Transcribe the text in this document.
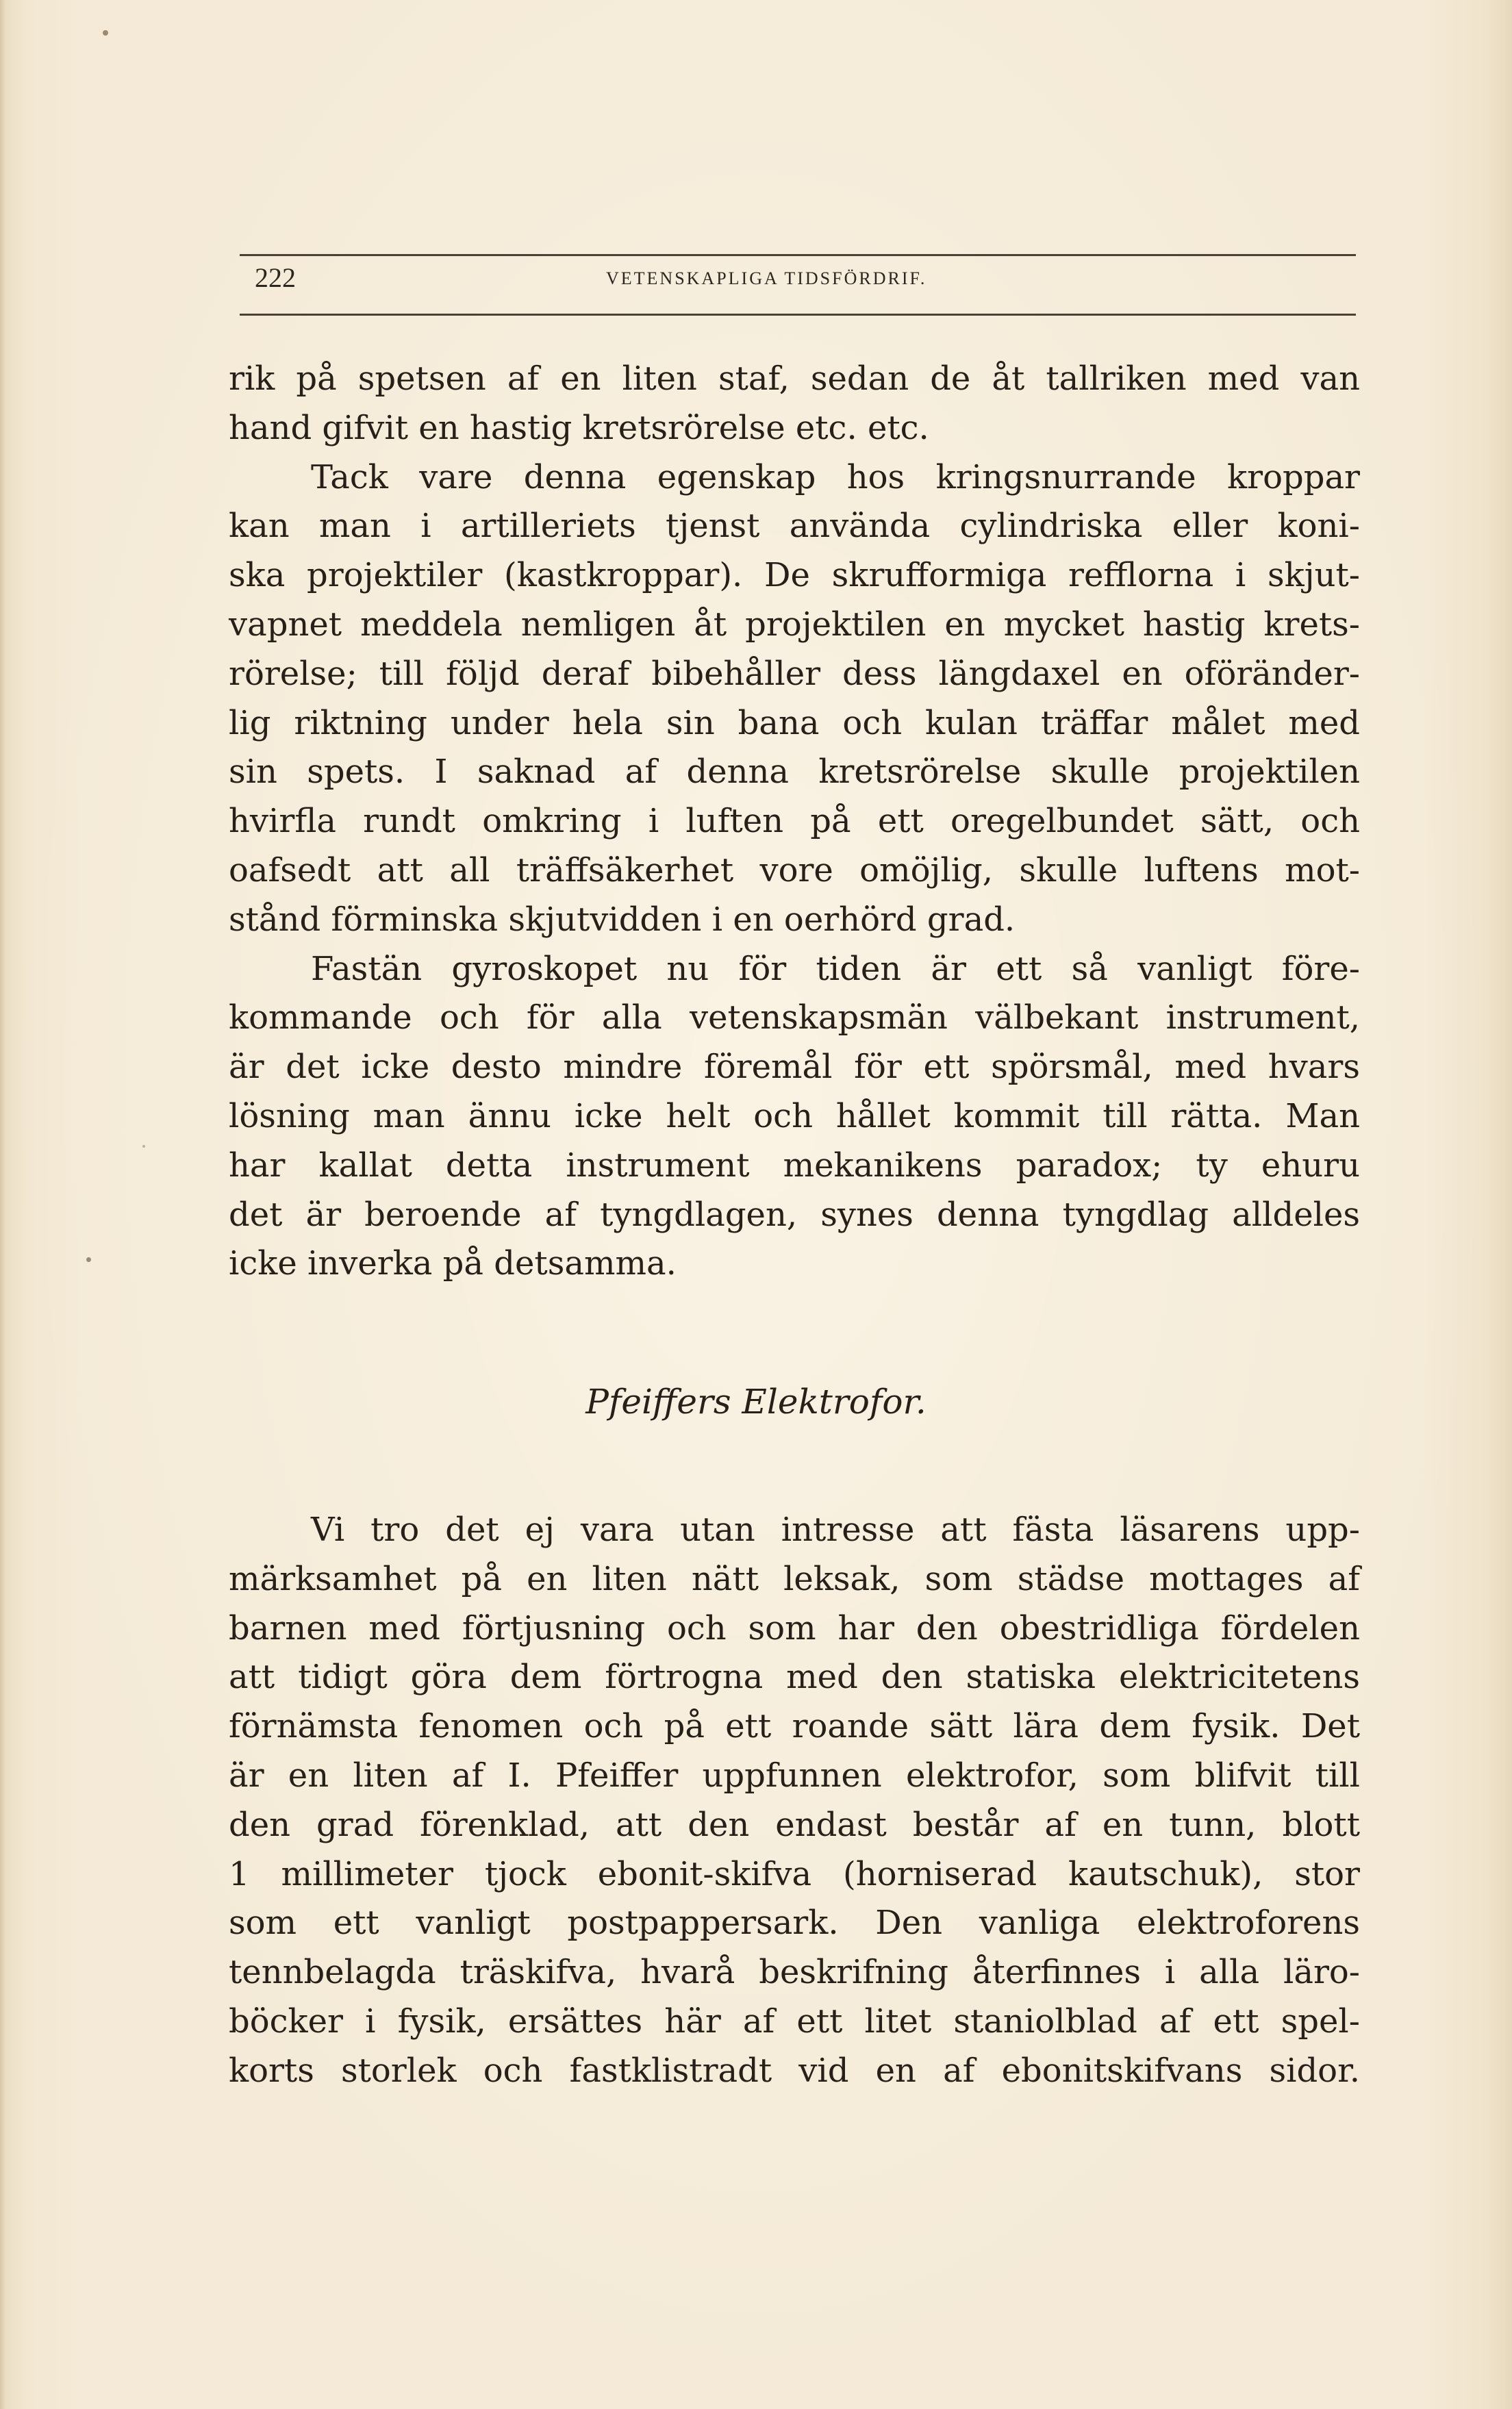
222	VETENSKAPLIGA TIDSFÖRDRIF.
rik på spetsen af en liten staf, sedan de åt tallriken med van
hand gifvit en hastig kretsrörelse etc. etc.
Tack vare denna egenskap hos kringsnurrande kroppar
kan man i artilleriets tjenst använda cylindriska eller koni-
ska projektiler (kastkroppar). De skrufformiga refflorna i skjut-
vapnet meddela nemligen åt projektilen en mycket hastig krets-
rörelse; till följd deraf bibehåller dess längdaxel en oföränder-
lig riktning under hela sin bana och kulan träffar målet med
sin spets. I saknad af denna kretsrörelse skulle projektilen
hvirfla rundt omkring i luften på ett oregelbundet sätt, och
oafsedt att all träffsäkerhet vore omöjlig, skulle luftens mot-
stånd förminska skjutvidden i en oerhörd grad.
Fastän gyroskopet nu för tiden är ett så vanligt före-
kommande och för alla vetenskapsmän välbekant instrument,
är det icke desto mindre föremål för ett spörsmål, med hvars
lösning man ännu icke helt och hållet kommit till rätta. Man
har kallat detta instrument mekanikens paradox; ty ehuru
det är beroende af tyngdlagen, synes denna tyngdlag alldeles
icke inverka på detsamma.
Pfeiffers Elektrofor.
Vi tro det ej vara utan intresse att fästa läsarens upp-
märksamhet på en liten nätt leksak, som städse mottages af
barnen med förtjusning och som har den obestridliga fördelen
att tidigt göra dem förtrogna med den statiska elektricitetens
förnämsta fenomen och på ett roande sätt lära dem fysik. Det
är en liten af I. Pfeiffer uppfunnen elektrofor, som blifvit till
den grad förenklad, att den endast består af en tunn, blott
1 millimeter tjock ebonit-skifva (horniserad kautschuk), stor
som ett vanligt postpappersark. Den vanliga elektroforens
tennbelagda träskifva, hvarå beskrifning återfinnes i alla läro-
böcker i fysik, ersättes här af ett litet staniolblad af ett spel-
korts storlek och fastklistradt vid en af ebonitskifvans sidor.
